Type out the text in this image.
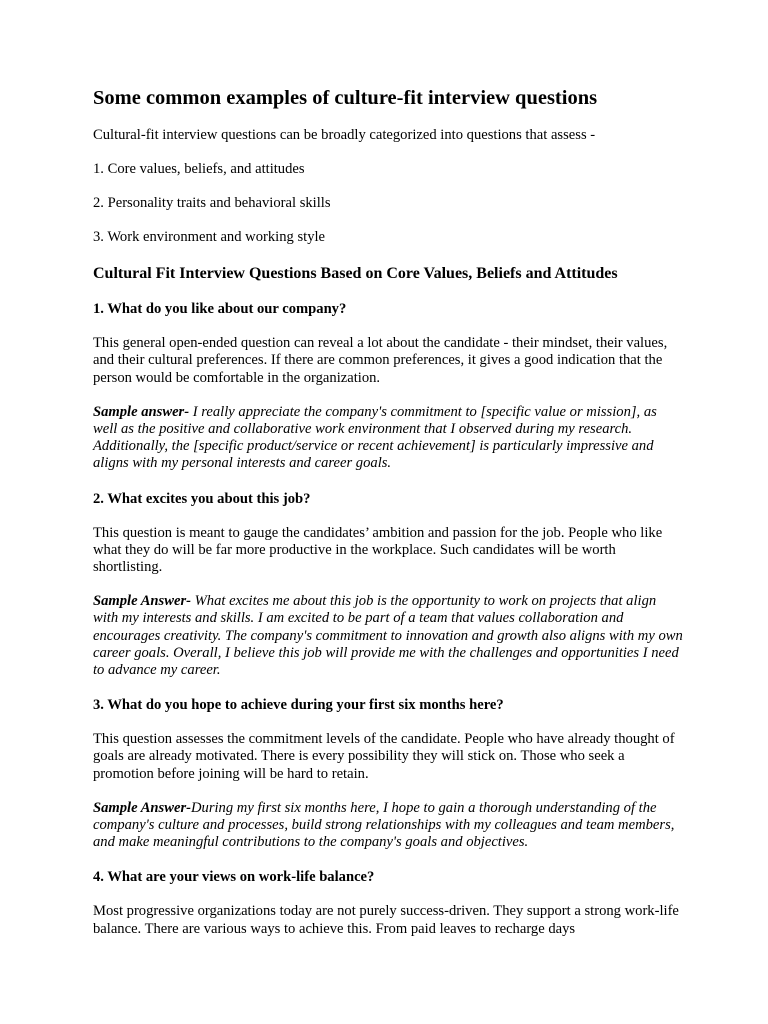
Some common examples of culture-fit interview questions

Cultural-fit interview questions can be broadly categorized into questions that assess -

1. Core values, beliefs, and attitudes
2. Personality traits and behavioral skills
3. Work environment and working style
Cultural Fit Interview Questions Based on Core Values, Beliefs and Attitudes
1. What do you like about our company?

This general open-ended question can reveal a lot about the candidate - their mindset, their values, and their cultural preferences. If there are common preferences, it gives a good indication that the person would be comfortable in the organization.

Sample answer- I really appreciate the company's commitment to [specific value or mission], as well as the positive and collaborative work environment that I observed during my research. Additionally, the [specific product/service or recent achievement] is particularly impressive and aligns with my personal interests and career goals.

2. What excites you about this job?

This question is meant to gauge the candidates’ ambition and passion for the job. People who like what they do will be far more productive in the workplace. Such candidates will be worth shortlisting.

Sample Answer- What excites me about this job is the opportunity to work on projects that align with my interests and skills. I am excited to be part of a team that values collaboration and encourages creativity. The company's commitment to innovation and growth also aligns with my own career goals. Overall, I believe this job will provide me with the challenges and opportunities I need to advance my career.

3. What do you hope to achieve during your first six months here?

This question assesses the commitment levels of the candidate. People who have already thought of goals are already motivated. There is every possibility they will stick on. Those who seek a promotion before joining will be hard to retain.

Sample Answer-During my first six months here, I hope to gain a thorough understanding of the company's culture and processes, build strong relationships with my colleagues and team members, and make meaningful contributions to the company's goals and objectives.

4. What are your views on work-life balance?

Most progressive organizations today are not purely success-driven. They support a strong work-life balance. There are various ways to achieve this. From paid leaves to recharge days
